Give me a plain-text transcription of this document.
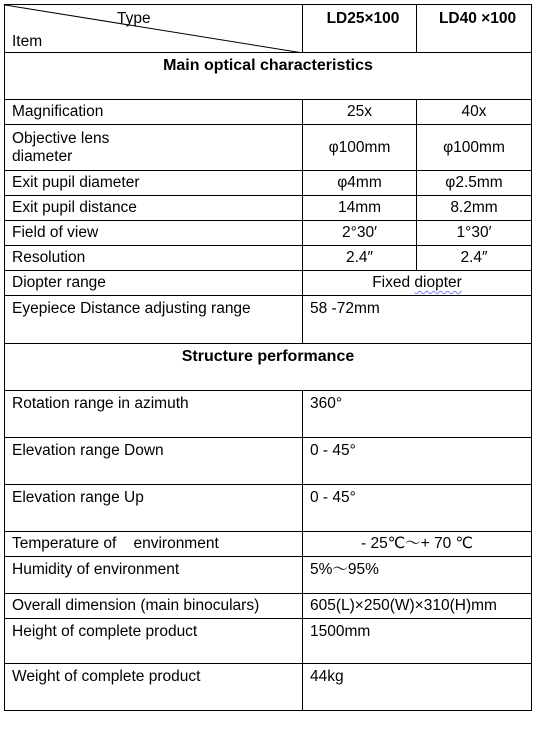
Type
Item	LD25×100	LD40 ×100
Main optical characteristics		
Magnification	25x	40x

Objective lens
diameter	φ100mm	φ100mm
Exit pupil diameter	φ4mm	φ2.5mm
Exit pupil distance	14mm	8.2mm
Field of view	2°30′	1°30′
Resolution	2.4″	2.4″
Diopter range	Fixed diopter	
Eyepiece Distance adjusting range	58 -72mm	
Structure performance		
Rotation range in azimuth	360°	
Elevation range Down	0 - 45°	
Elevation range Up	0 - 45°	
Temperature of    environment	- 25℃～+ 70 ℃	
Humidity of environment	5%～95%	
Overall dimension (main binoculars)	605(L)×250(W)×310(H)mm	
Height of complete product	1500mm	
Weight of complete product	44kg	
